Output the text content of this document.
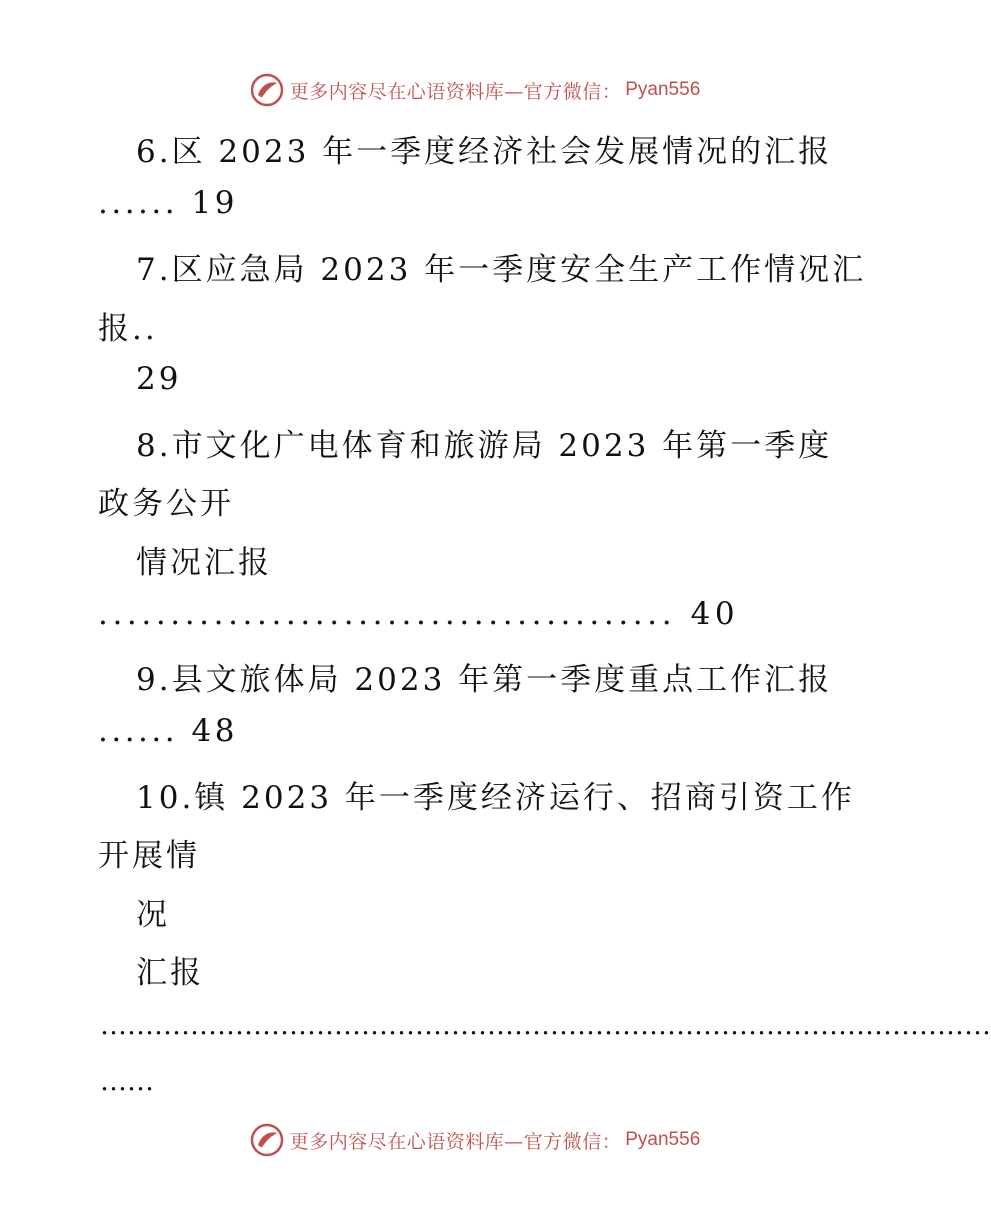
更多内容尽在心语资料库—官方微信： Pyan556
6.区 2023 年一季度经济社会发展情况的汇报
...... 19
7.区应急局 2023 年一季度安全生产工作情况汇
报..
29
8.市文化广电体育和旅游局 2023 年第一季度
政务公开
情况汇报
........................................ 40
9.县文旅体局 2023 年第一季度重点工作汇报
...... 48
10.镇 2023 年一季度经济运行、招商引资工作
开展情
况
汇报
………………………………………………………………………………………
……
更多内容尽在心语资料库—官方微信： Pyan556
